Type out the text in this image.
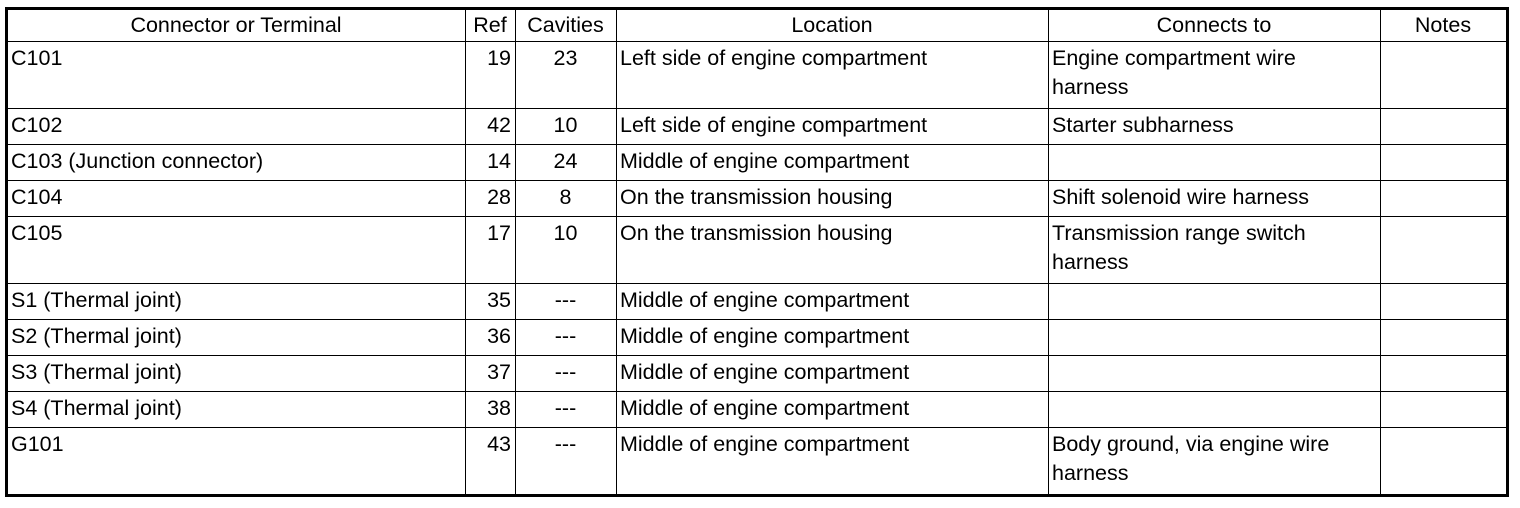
Connector or Terminal	Ref	Cavities	Location	Connects to	Notes
C101	19	23	Left side of engine compartment	Engine compartment wire harness	
C102	42	10	Left side of engine compartment	Starter subharness	
C103 (Junction connector)	14	24	Middle of engine compartment		
C104	28	8	On the transmission housing	Shift solenoid wire harness	
C105	17	10	On the transmission housing	Transmission range switch harness	
S1 (Thermal joint)	35	---	Middle of engine compartment		
S2 (Thermal joint)	36	---	Middle of engine compartment		
S3 (Thermal joint)	37	---	Middle of engine compartment		
S4 (Thermal joint)	38	---	Middle of engine compartment		
G101	43	---	Middle of engine compartment	Body ground, via engine wire harness	
